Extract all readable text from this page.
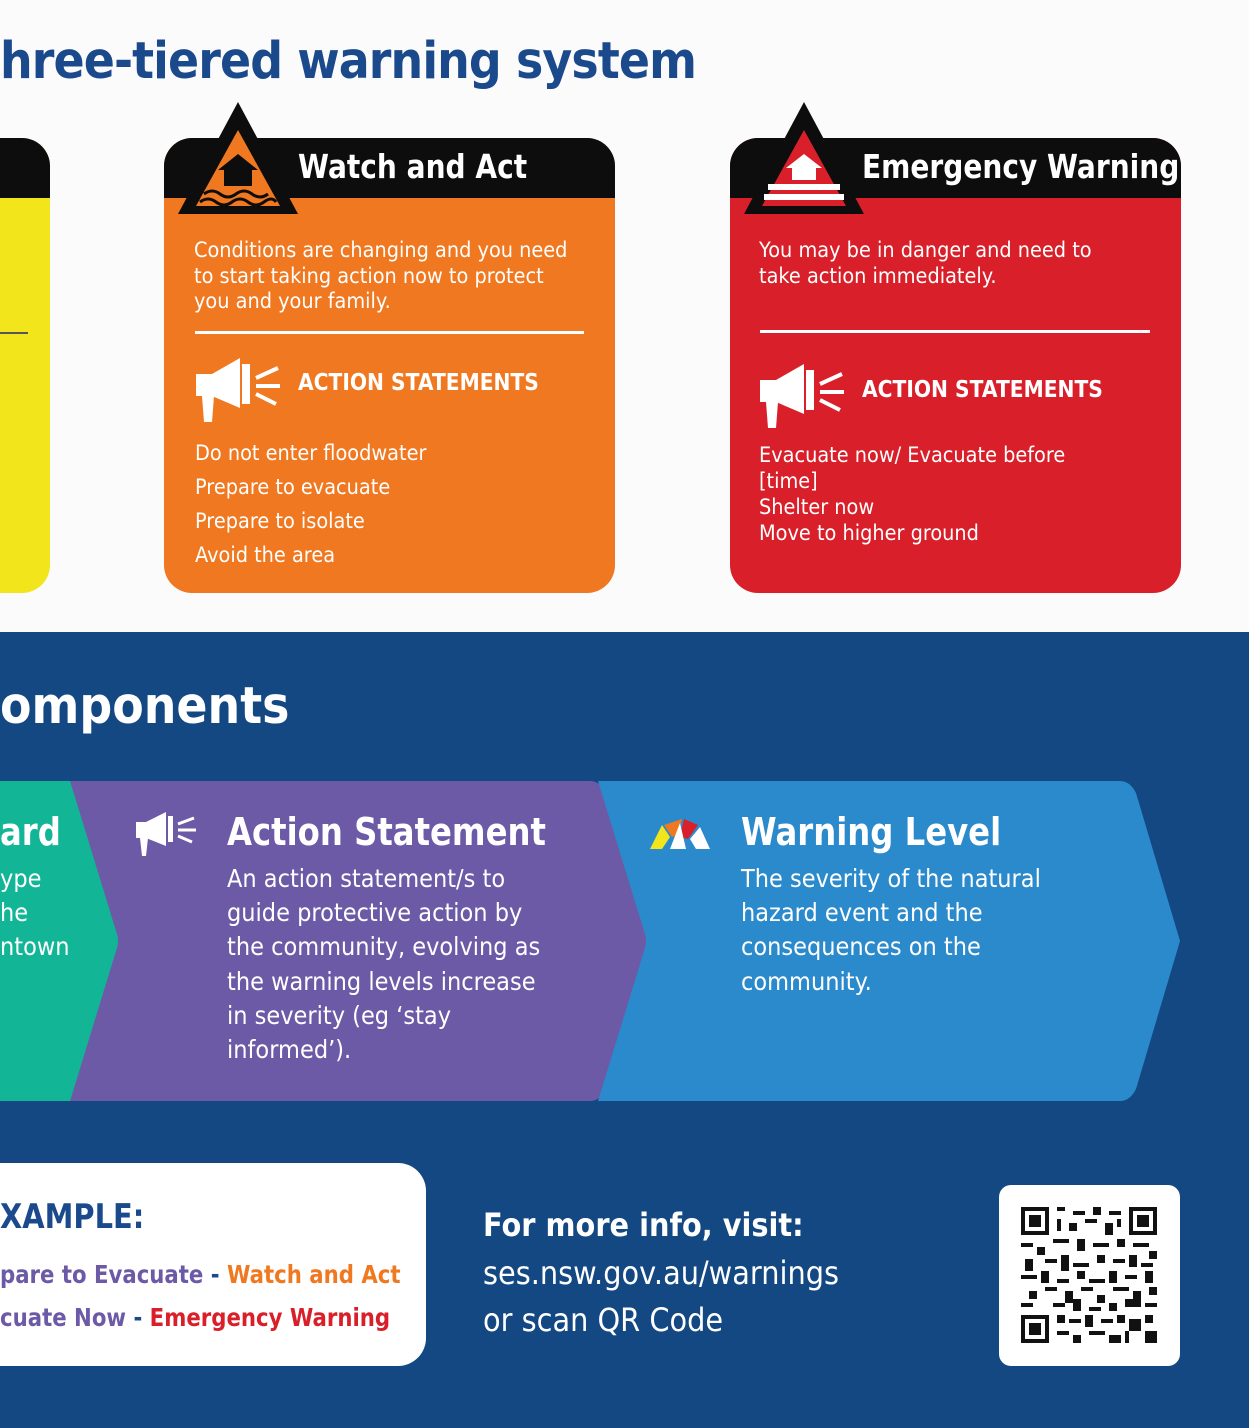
hree-tiered warning system
Watch and Act
Conditions are changing and you need
to start taking action now to protect
you and your family.
ACTION STATEMENTS
Do not enter floodwater
Prepare to evacuate
Prepare to isolate
Avoid the area
Emergency Warning
You may be in danger and need to
take action immediately.
ACTION STATEMENTS
Evacuate now/ Evacuate before
[time]
Shelter now
Move to higher ground
omponents
ard
ype
he
ntown
Action Statement
An action statement/s to
guide protective action by
the community, evolving as
the warning levels increase
in severity (eg ‘stay
informed’).
Warning Level
The severity of the natural
hazard event and the
consequences on the
community.
XAMPLE:
pare to Evacuate - Watch and Act
cuate Now - Emergency Warning
For more info, visit:
ses.nsw.gov.au/warnings
or scan QR Code
